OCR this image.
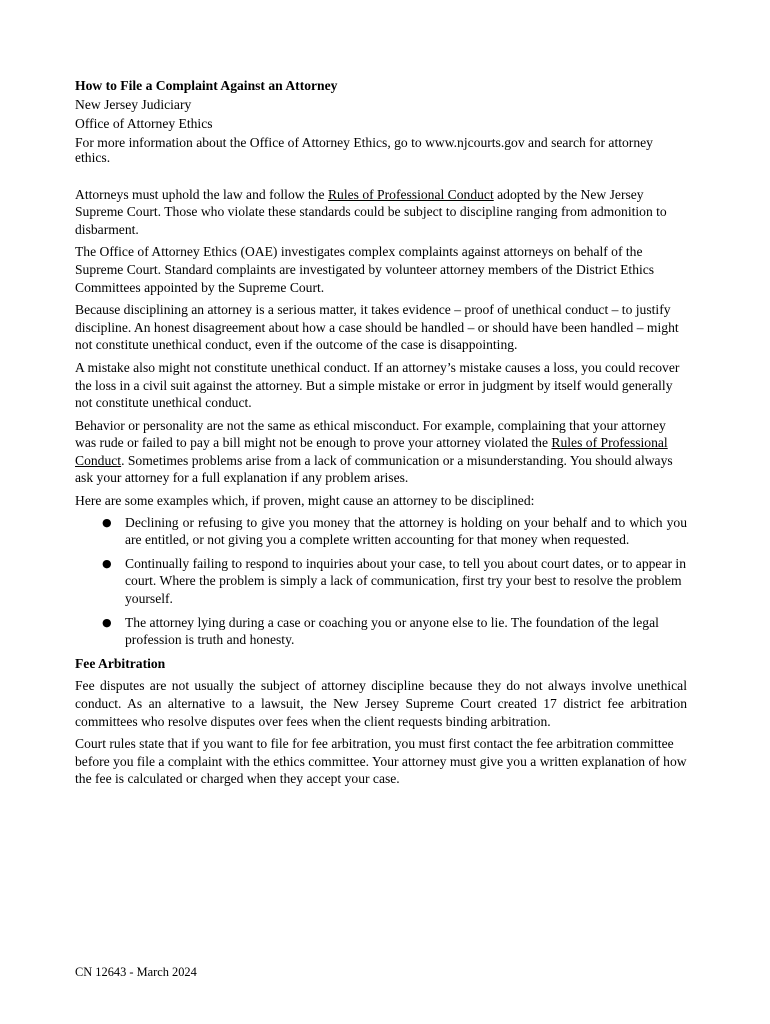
How to File a Complaint Against an Attorney

New Jersey Judiciary

Office of Attorney Ethics

For more information about the Office of Attorney Ethics, go to www.njcourts.gov and search for attorney ethics.

Attorneys must uphold the law and follow the Rules of Professional Conduct adopted by the New Jersey Supreme Court. Those who violate these standards could be subject to discipline ranging from admonition to disbarment.

The Office of Attorney Ethics (OAE) investigates complex complaints against attorneys on behalf of the Supreme Court. Standard complaints are investigated by volunteer attorney members of the District Ethics Committees appointed by the Supreme Court.

Because disciplining an attorney is a serious matter, it takes evidence – proof of unethical conduct – to justify discipline. An honest disagreement about how a case should be handled – or should have been handled – might not constitute unethical conduct, even if the outcome of the case is disappointing.

A mistake also might not constitute unethical conduct. If an attorney’s mistake causes a loss, you could recover the loss in a civil suit against the attorney. But a simple mistake or error in judgment by itself would generally not constitute unethical conduct.

Behavior or personality are not the same as ethical misconduct. For example, complaining that your attorney was rude or failed to pay a bill might not be enough to prove your attorney violated the Rules of Professional Conduct. Sometimes problems arise from a lack of communication or a misunderstanding. You should always ask your attorney for a full explanation if any problem arises.

Here are some examples which, if proven, might cause an attorney to be disciplined:

● Declining or refusing to give you money that the attorney is holding on your behalf and to which you are entitled, or not giving you a complete written accounting for that money when requested.
● Continually failing to respond to inquiries about your case, to tell you about court dates, or to appear in court. Where the problem is simply a lack of communication, first try your best to resolve the problem yourself.
● The attorney lying during a case or coaching you or anyone else to lie. The foundation of the legal profession is truth and honesty.

Fee Arbitration

Fee disputes are not usually the subject of attorney discipline because they do not always involve unethical conduct. As an alternative to a lawsuit, the New Jersey Supreme Court created 17 district fee arbitration committees who resolve disputes over fees when the client requests binding arbitration.

Court rules state that if you want to file for fee arbitration, you must first contact the fee arbitration committee before you file a complaint with the ethics committee. Your attorney must give you a written explanation of how the fee is calculated or charged when they accept your case.

CN 12643 - March 2024
